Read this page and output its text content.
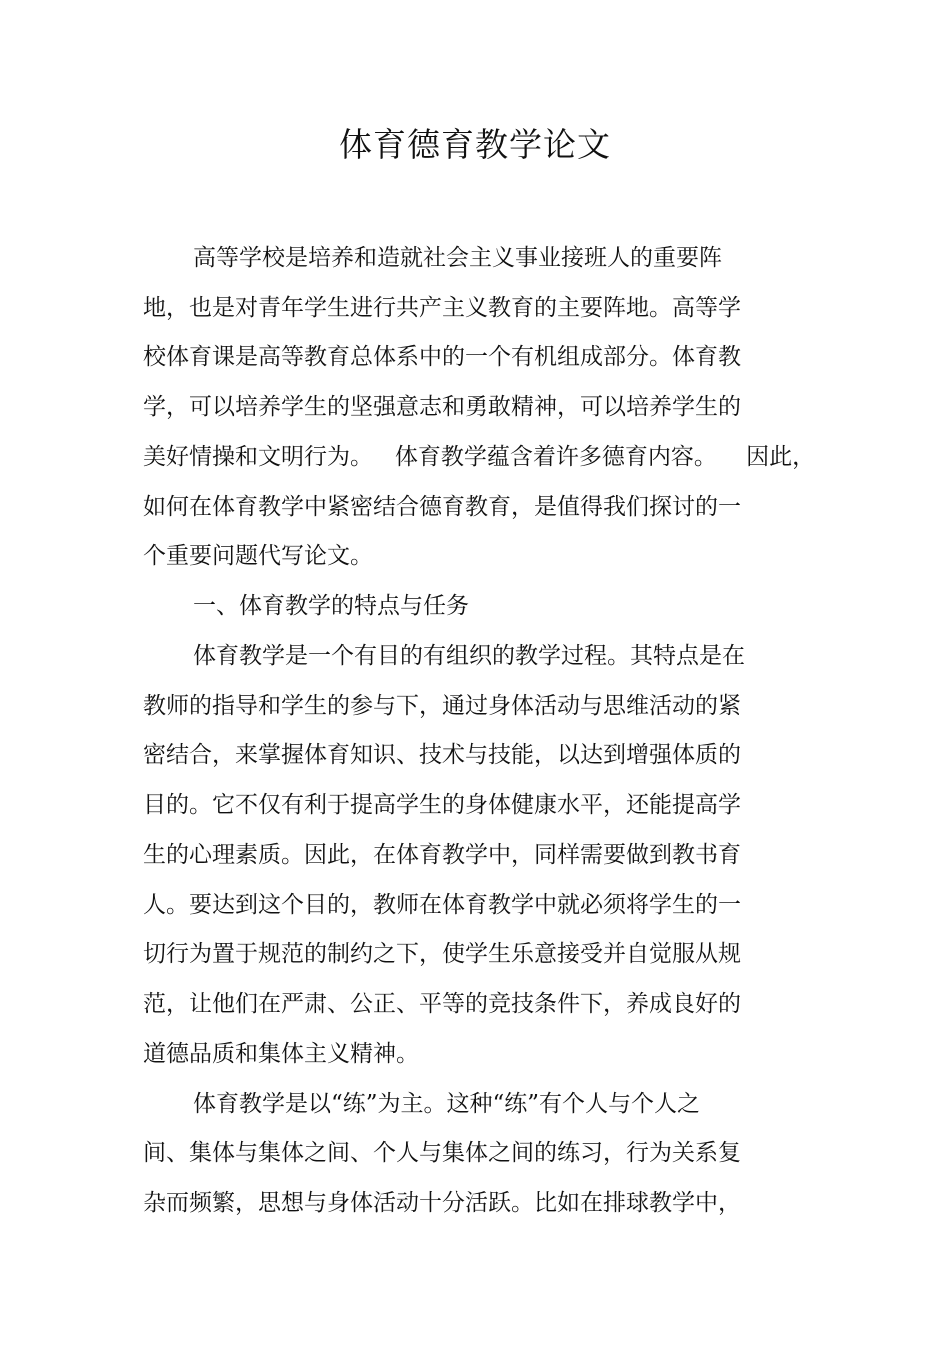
体育德育教学论文
高等学校是培养和造就社会主义事业接班人的重要阵
地，也是对青年学生进行共产主义教育的主要阵地。高等学
校体育课是高等教育总体系中的一个有机组成部分。体育教
学，可以培养学生的坚强意志和勇敢精神，可以培养学生的
美好情操和文明行为。   体育教学蕴含着许多德育内容。    因此，
如何在体育教学中紧密结合德育教育，是值得我们探讨的一
个重要问题代写论文。
一、体育教学的特点与任务
体育教学是一个有目的有组织的教学过程。其特点是在
教师的指导和学生的参与下，通过身体活动与思维活动的紧
密结合，来掌握体育知识、技术与技能，以达到增强体质的
目的。它不仅有利于提高学生的身体健康水平，还能提高学
生的心理素质。因此，在体育教学中，同样需要做到教书育
人。要达到这个目的，教师在体育教学中就必须将学生的一
切行为置于规范的制约之下，使学生乐意接受并自觉服从规
范，让他们在严肃、公正、平等的竞技条件下，养成良好的
道德品质和集体主义精神。
体育教学是以“练”为主。这种“练”有个人与个人之
间、集体与集体之间、个人与集体之间的练习，行为关系复
杂而频繁，思想与身体活动十分活跃。比如在排球教学中，
